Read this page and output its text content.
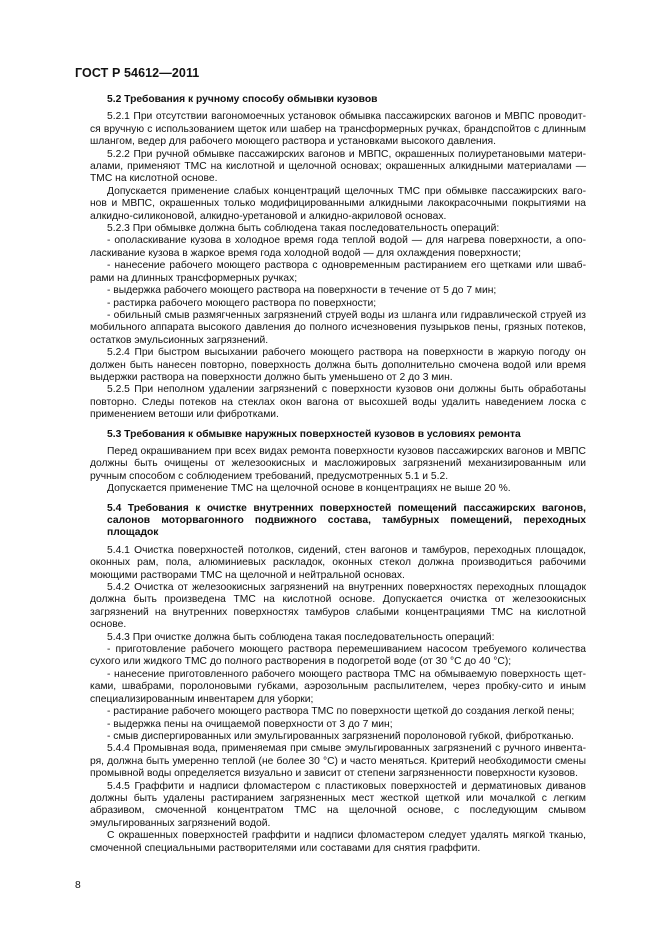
ГОСТ Р 54612—2011
5.2 Требования к ручному способу обмывки кузовов

5.2.1 При отсутствии вагономоечных установок обмывка пассажирских вагонов и МВПС проводится вручную с использованием щеток или шабер на трансформерных ручках, брандспойтов с длинным шлангом, ведер для рабочего моющего раствора и установками высокого давления.

5.2.2 При ручной обмывке пассажирских вагонов и МВПС, окрашенных полиуретановыми материалами, применяют ТМС на кислотной и щелочной основах; окрашенных алкидными материалами — ТМС на кислотной основе.

Допускается применение слабых концентраций щелочных ТМС при обмывке пассажирских вагонов и МВПС, окрашенных только модифицированными алкидными лакокрасочными покрытиями на алкидно-силиконовой, алкидно-уретановой и алкидно-акриловой основах.

5.2.3 При обмывке должна быть соблюдена такая последовательность операций:

- ополаскивание кузова в холодное время года теплой водой — для нагрева поверхности, а ополаскивание кузова в жаркое время года холодной водой — для охлаждения поверхности;

- нанесение рабочего моющего раствора с одновременным растиранием его щетками или швабрами на длинных трансформерных ручках;

- выдержка рабочего моющего раствора на поверхности в течение от 5 до 7 мин;

- растирка рабочего моющего раствора по поверхности;

- обильный смыв размягченных загрязнений струей воды из шланга или гидравлической струей из мобильного аппарата высокого давления до полного исчезновения пузырьков пены, грязных потеков, остатков эмульсионных загрязнений.

5.2.4 При быстром высыхании рабочего моющего раствора на поверхности в жаркую погоду он должен быть нанесен повторно, поверхность должна быть дополнительно смочена водой или время выдержки раствора на поверхности должно быть уменьшено от 2 до 3 мин.

5.2.5 При неполном удалении загрязнений с поверхности кузовов они должны быть обработаны повторно. Следы потеков на стеклах окон вагона от высохшей воды удалить наведением лоска с применением ветоши или фибротками.

5.3 Требования к обмывке наружных поверхностей кузовов в условиях ремонта

Перед окрашиванием при всех видах ремонта поверхности кузовов пассажирских вагонов и МВПС должны быть очищены от железоокисных и масложировых загрязнений механизированным или ручным способом с соблюдением требований, предусмотренных 5.1 и 5.2.

Допускается применение ТМС на щелочной основе в концентрациях не выше 20 %.

5.4 Требования к очистке внутренних поверхностей помещений пассажирских вагонов, салонов моторвагонного подвижного состава, тамбурных помещений, переходных площадок

5.4.1 Очистка поверхностей потолков, сидений, стен вагонов и тамбуров, переходных площадок, оконных рам, пола, алюминиевых раскладок, оконных стекол должна производиться рабочими моющими растворами ТМС на щелочной и нейтральной основах.

5.4.2 Очистка от железоокисных загрязнений на внутренних поверхностях переходных площадок должна быть произведена ТМС на кислотной основе. Допускается очистка от железоокисных загрязнений на внутренних поверхностях тамбуров слабыми концентрациями ТМС на кислотной основе.

5.4.3 При очистке должна быть соблюдена такая последовательность операций:

- приготовление рабочего моющего раствора перемешиванием насосом требуемого количества сухого или жидкого ТМС до полного растворения в подогретой воде (от 30 °С до 40 °С);

- нанесение приготовленного рабочего моющего раствора ТМС на обмываемую поверхность щетками, швабрами, поролоновыми губками, аэрозольным распылителем, через пробку-сито и иным специализированным инвентарем для уборки;

- растирание рабочего моющего раствора ТМС по поверхности щеткой до создания легкой пены;

- выдержка пены на очищаемой поверхности от 3 до 7 мин;

- смыв диспергированных или эмульгированных загрязнений поролоновой губкой, фибротканью.

5.4.4 Промывная вода, применяемая при смыве эмульгированных загрязнений с ручного инвентаря, должна быть умеренно теплой (не более 30 °С) и часто меняться. Критерий необходимости смены промывной воды определяется визуально и зависит от степени загрязненности поверхности кузовов.

5.4.5 Граффити и надписи фломастером с пластиковых поверхностей и дерматиновых диванов должны быть удалены растиранием загрязненных мест жесткой щеткой или мочалкой с легким абразивом, смоченной концентратом ТМС на щелочной основе, с последующим смывом эмульгированных загрязнений водой.

С окрашенных поверхностей граффити и надписи фломастером следует удалять мягкой тканью, смоченной специальными растворителями или составами для снятия граффити.

8
